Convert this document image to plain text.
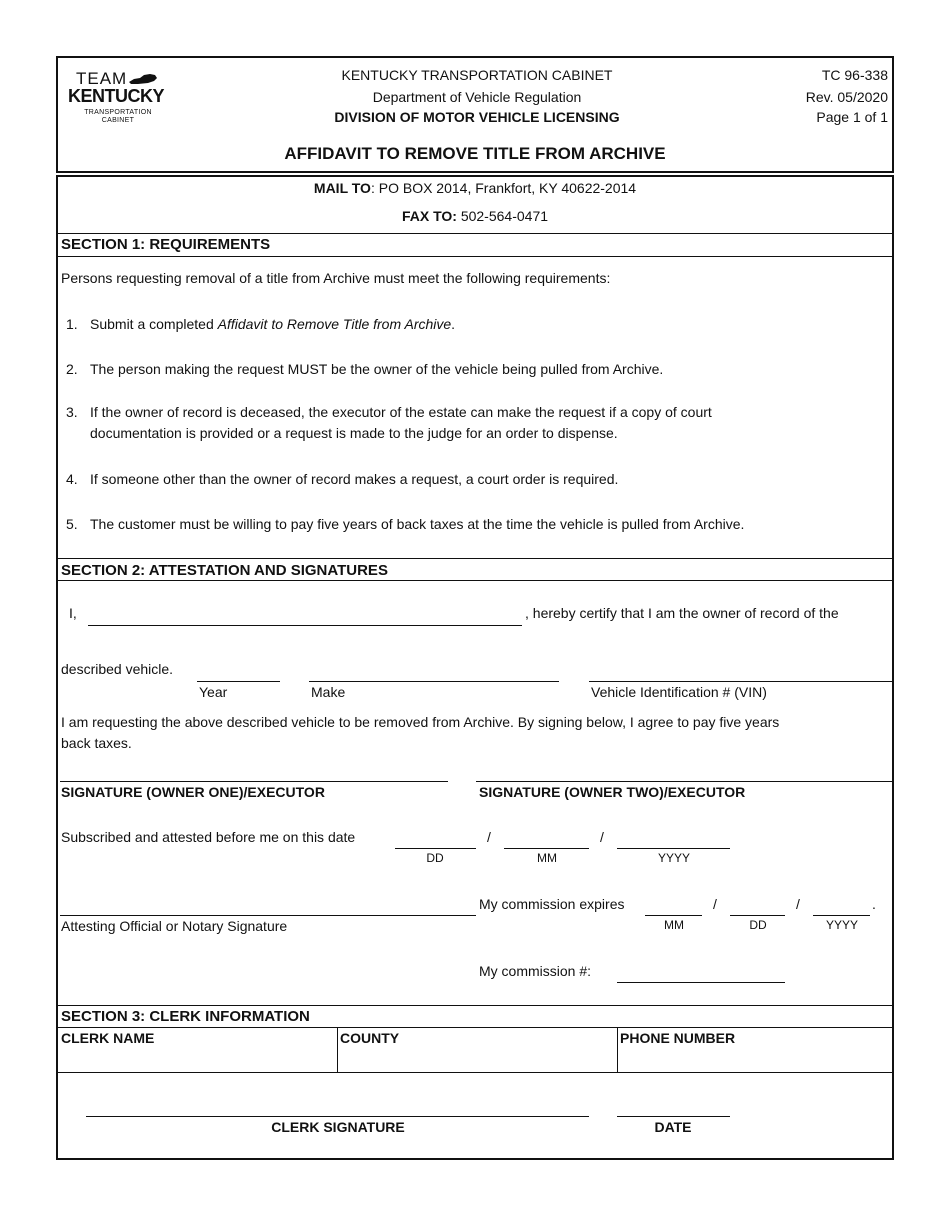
TEAM
KENTUCKY
TRANSPORTATION
CABINET
KENTUCKY TRANSPORTATION CABINET
Department of Vehicle Regulation
DIVISION OF MOTOR VEHICLE LICENSING
TC 96-338
Rev. 05/2020
Page 1 of 1
AFFIDAVIT TO REMOVE TITLE FROM ARCHIVE
MAIL TO: PO BOX 2014, Frankfort, KY 40622-2014
FAX TO: 502-564-0471
SECTION 1: REQUIREMENTS
Persons requesting removal of a title from Archive must meet the following requirements:
1. Submit a completed Affidavit to Remove Title from Archive.
2. The person making the request MUST be the owner of the vehicle being pulled from Archive.
3. If the owner of record is deceased, the executor of the estate can make the request if a copy of court
documentation is provided or a request is made to the judge for an order to dispense.
4. If someone other than the owner of record makes a request, a court order is required.
5. The customer must be willing to pay five years of back taxes at the time the vehicle is pulled from Archive.
SECTION 2: ATTESTATION AND SIGNATURES
I,	, hereby certify that I am the owner of record of the
described vehicle.
Year	Make	Vehicle Identification # (VIN)
I am requesting the above described vehicle to be removed from Archive. By signing below, I agree to pay five years
back taxes.
SIGNATURE (OWNER ONE)/EXECUTOR	SIGNATURE (OWNER TWO)/EXECUTOR
Subscribed and attested before me on this date	/	/
DD	MM	YYYY
Attesting Official or Notary Signature
My commission expires	/	/	.
MM	DD	YYYY
My commission #:
SECTION 3: CLERK INFORMATION
CLERK NAME	COUNTY	PHONE NUMBER
CLERK SIGNATURE	DATE
